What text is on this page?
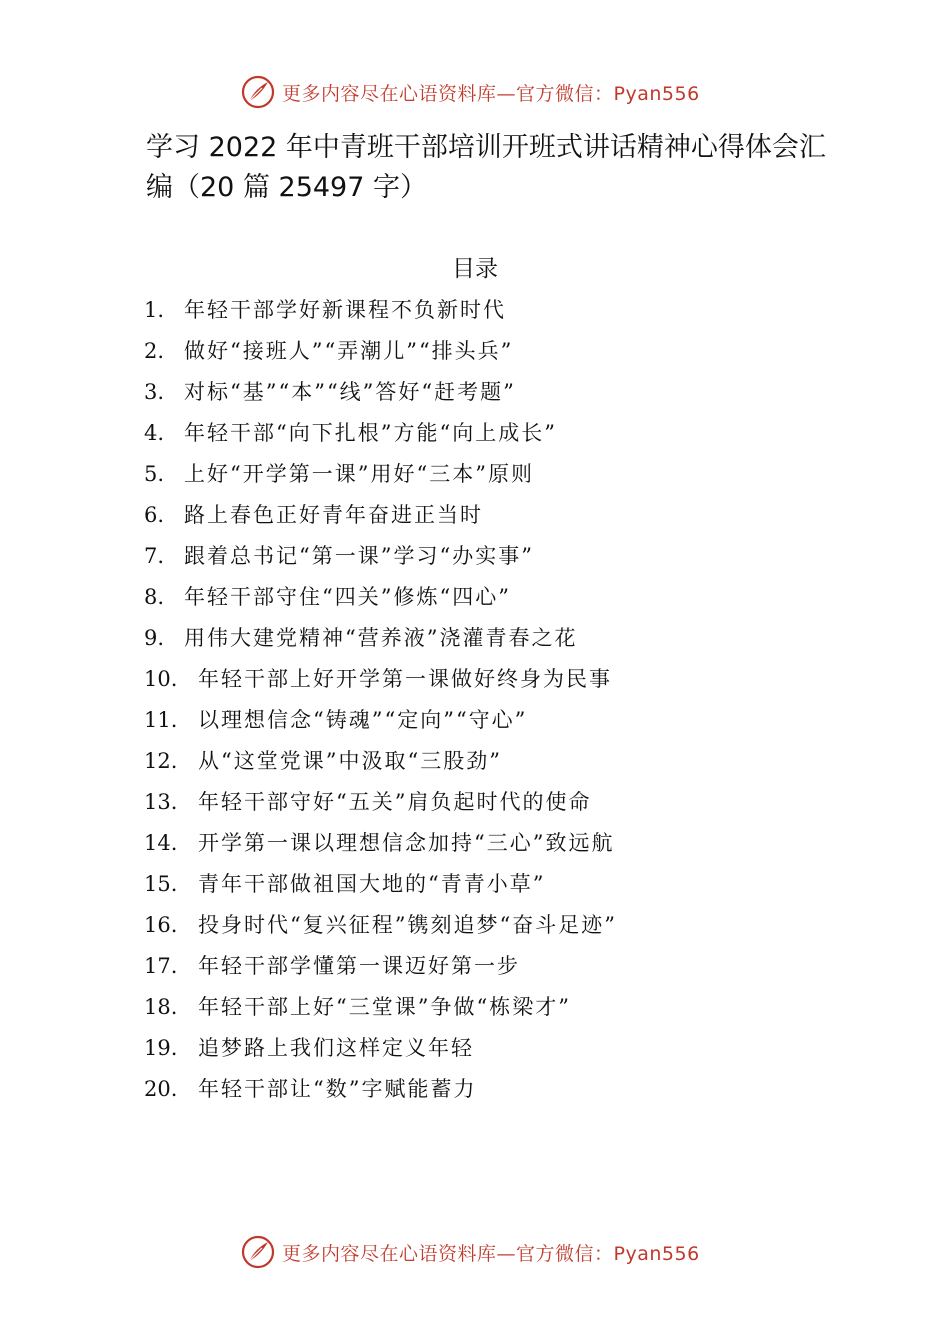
更多内容尽在心语资料库—官方微信：Pyan556
学习 2022 年中青班干部培训开班式讲话精神心得体会汇编（20 篇 25497 字）
目录
1. 年轻干部学好新课程不负新时代
2. 做好“接班人”“弄潮儿”“排头兵”
3. 对标“基”“本”“线”答好“赶考题”
4. 年轻干部“向下扎根”方能“向上成长”
5. 上好“开学第一课”用好“三本”原则
6. 路上春色正好青年奋进正当时
7. 跟着总书记“第一课”学习“办实事”
8. 年轻干部守住“四关”修炼“四心”
9. 用伟大建党精神“营养液”浇灌青春之花
10. 年轻干部上好开学第一课做好终身为民事
11. 以理想信念“铸魂”“定向”“守心”
12. 从“这堂党课”中汲取“三股劲”
13. 年轻干部守好“五关”肩负起时代的使命
14. 开学第一课以理想信念加持“三心”致远航
15. 青年干部做祖国大地的“青青小草”
16. 投身时代“复兴征程”镌刻追梦“奋斗足迹”
17. 年轻干部学懂第一课迈好第一步
18. 年轻干部上好“三堂课”争做“栋梁才”
19. 追梦路上我们这样定义年轻
20. 年轻干部让“数”字赋能蓄力
更多内容尽在心语资料库—官方微信：Pyan556
